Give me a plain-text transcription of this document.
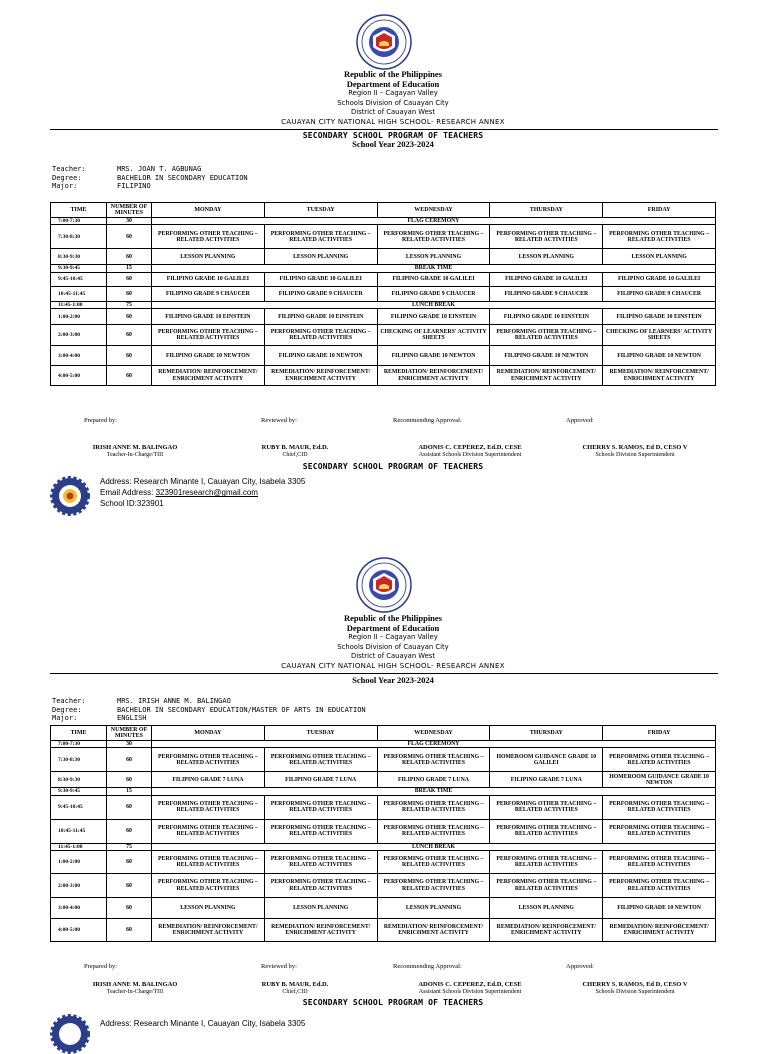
Republic of the Philippines
Department of Education
Region II – Cagayan Valley
Schools Division of Cauayan City
District of Cauayan West
CAUAYAN CITY NATIONAL HIGH SCHOOL- RESEARCH ANNEX
SECONDARY SCHOOL PROGRAM OF TEACHERS
School Year 2023-2024
Teacher:	MRS. JOAN T. AGBUNAG
Degree:	BACHELOR IN SECONDARY EDUCATION
Major:	FILIPINO
TIME	NUMBER OF MINUTES	MONDAY	TUESDAY	WEDNESDAY	THURSDAY	FRIDAY
7:00-7:30	30	FLAG CEREMONY				
7:30-8:30	60	PERFORMING OTHER TEACHING – RELATED ACTIVITIES	PERFORMING OTHER TEACHING – RELATED ACTIVITIES	PERFORMING OTHER TEACHING – RELATED ACTIVITIES	PERFORMING OTHER TEACHING – RELATED ACTIVITIES	PERFORMING OTHER TEACHING – RELATED ACTIVITIES
8:30-9:30	60	LESSON PLANNING	LESSON PLANNING	LESSON PLANNING	LESSON PLANNING	LESSON PLANNING
9:30-9:45	15	BREAK TIME				
9:45-10:45	60	FILIPINO GRADE 10 GALILEI	FILIPINO GRADE 10 GALILEI	FILIPINO GRADE 10 GALILEI	FILIPINO GRADE 10 GALILEI	FILIPINO GRADE 10 GALILEI
10:45-11:45	60	FILIPINO GRADE 9 CHAUCER	FILIPINO GRADE 9 CHAUCER	FILIPINO GRADE 9 CHAUCER	FILIPINO GRADE 9 CHAUCER	FILIPINO GRADE 9 CHAUCER
11:45-1:00	75	LUNCH BREAK				
1:00-2:00	60	FILIPINO GRADE 10 EINSTEIN	FILIPINO GRADE 10 EINSTEIN	FILIPINO GRADE 10 EINSTEIN	FILIPINO GRADE 10 EINSTEIN	FILIPINO GRADE 10 EINSTEIN
2:00-3:00	60	PERFORMING OTHER TEACHING – RELATED ACTIVITIES	PERFORMING OTHER TEACHING – RELATED ACTIVITIES	CHECKING OF LEARNERS' ACTIVITY SHEETS	PERFORMING OTHER TEACHING – RELATED ACTIVITIES	CHECKING OF LEARNERS' ACTIVITY SHEETS
3:00-4:00	60	FILIPINO GRADE 10 NEWTON	FILIPINO GRADE 10 NEWTON	FILIPINO GRADE 10 NEWTON	FILIPINO GRADE 10 NEWTON	FILIPINO GRADE 10 NEWTON
4:00-5:00	60	REMEDIATION/ REINFORCEMENT/ ENRICHMENT ACTIVITY	REMEDIATION/ REINFORCEMENT/ ENRICHMENT ACTIVITY	REMEDIATION/ REINFORCEMENT/ ENRICHMENT ACTIVITY	REMEDIATION/ REINFORCEMENT/ ENRICHMENT ACTIVITY	REMEDIATION/ REINFORCEMENT/ ENRICHMENT ACTIVITY
Prepared by:	Reviewed by:	Recommending Approval:	Approved:
IRISH ANNE M. BALINGAO
Teacher-In-Charge/TIII
RUBY B. MAUR, Ed.D.
Chief,CID
ADONIS C. CEPEREZ, Ed.D, CESE
Assistant Schools Division Superintendent
CHERRY S. RAMOS, Ed D, CESO V
Schools Division Superintendent
SECONDARY SCHOOL PROGRAM OF TEACHERS
Address: Research Minante I, Cauayan City, Isabela 3305
Email Address: 323901research@gmail.com
School ID:323901
Republic of the Philippines
Department of Education
Region II – Cagayan Valley
Schools Division of Cauayan City
District of Cauayan West
CAUAYAN CITY NATIONAL HIGH SCHOOL- RESEARCH ANNEX
School Year 2023-2024
Teacher:	MRS. IRISH ANNE M. BALINGAO
Degree:	BACHELOR IN SECONDARY EDUCATION/MASTER OF ARTS IN EDUCATION
Major:	ENGLISH
TIME	NUMBER OF MINUTES	MONDAY	TUESDAY	WEDNESDAY	THURSDAY	FRIDAY
7:00-7:30	30	FLAG CEREMONY				
7:30-8:30	60	PERFORMING OTHER TEACHING – RELATED ACTIVITIES	PERFORMING OTHER TEACHING – RELATED ACTIVITIES	PERFORMING OTHER TEACHING – RELATED ACTIVITIES	HOMEROOM GUIDANCE GRADE 10 GALILEI	PERFORMING OTHER TEACHING – RELATED ACTIVITIES
8:30-9:30	60	FILIPINO GRADE 7 LUNA	FILIPINO GRADE 7 LUNA	FILIPINO GRADE 7 LUNA	FILIPINO GRADE 7 LUNA	HOMEROOM GUIDANCE GRADE 10 NEWTON
9:30-9:45	15	BREAK TIME				
9:45-10:45	60	PERFORMING OTHER TEACHING – RELATED ACTIVITIES	PERFORMING OTHER TEACHING – RELATED ACTIVITIES	PERFORMING OTHER TEACHING – RELATED ACTIVITIES	PERFORMING OTHER TEACHING – RELATED ACTIVITIES	PERFORMING OTHER TEACHING – RELATED ACTIVITIES
10:45-11:45	60	PERFORMING OTHER TEACHING – RELATED ACTIVITIES	PERFORMING OTHER TEACHING – RELATED ACTIVITIES	PERFORMING OTHER TEACHING – RELATED ACTIVITIES	PERFORMING OTHER TEACHING – RELATED ACTIVITIES	PERFORMING OTHER TEACHING – RELATED ACTIVITIES
11:45-1:00	75	LUNCH BREAK				
1:00-2:00	60	PERFORMING OTHER TEACHING – RELATED ACTIVITIES	PERFORMING OTHER TEACHING – RELATED ACTIVITIES	PERFORMING OTHER TEACHING – RELATED ACTIVITIES	PERFORMING OTHER TEACHING – RELATED ACTIVITIES	PERFORMING OTHER TEACHING – RELATED ACTIVITIES
2:00-3:00	60	PERFORMING OTHER TEACHING – RELATED ACTIVITIES	PERFORMING OTHER TEACHING – RELATED ACTIVITIES	PERFORMING OTHER TEACHING – RELATED ACTIVITIES	PERFORMING OTHER TEACHING – RELATED ACTIVITIES	PERFORMING OTHER TEACHING – RELATED ACTIVITIES
3:00-4:00	60	LESSON PLANNING	LESSON PLANNING	LESSON PLANNING	LESSON PLANNING	FILIPINO GRADE 10 NEWTON
4:00-5:00	60	REMEDIATION/ REINFORCEMENT/ ENRICHMENT ACTIVITY	REMEDIATION/ REINFORCEMENT/ ENRICHMENT ACTIVITY	REMEDIATION/ REINFORCEMENT/ ENRICHMENT ACTIVITY	REMEDIATION/ REINFORCEMENT/ ENRICHMENT ACTIVITY	REMEDIATION/ REINFORCEMENT/ ENRICHMENT ACTIVITY
Prepared by:	Reviewed by:	Recommending Approval:	Approved:
IRISH ANNE M. BALINGAO
Teacher-In-Charge/TIII
RUBY B. MAUR, Ed.D.
Chief,CID
ADONIS C. CEPEREZ, Ed.D, CESE
Assistant Schools Division Superintendent
CHERRY S. RAMOS, Ed D, CESO V
Schools Division Superintendent
SECONDARY SCHOOL PROGRAM OF TEACHERS
Address: Research Minante I, Cauayan City, Isabela 3305
